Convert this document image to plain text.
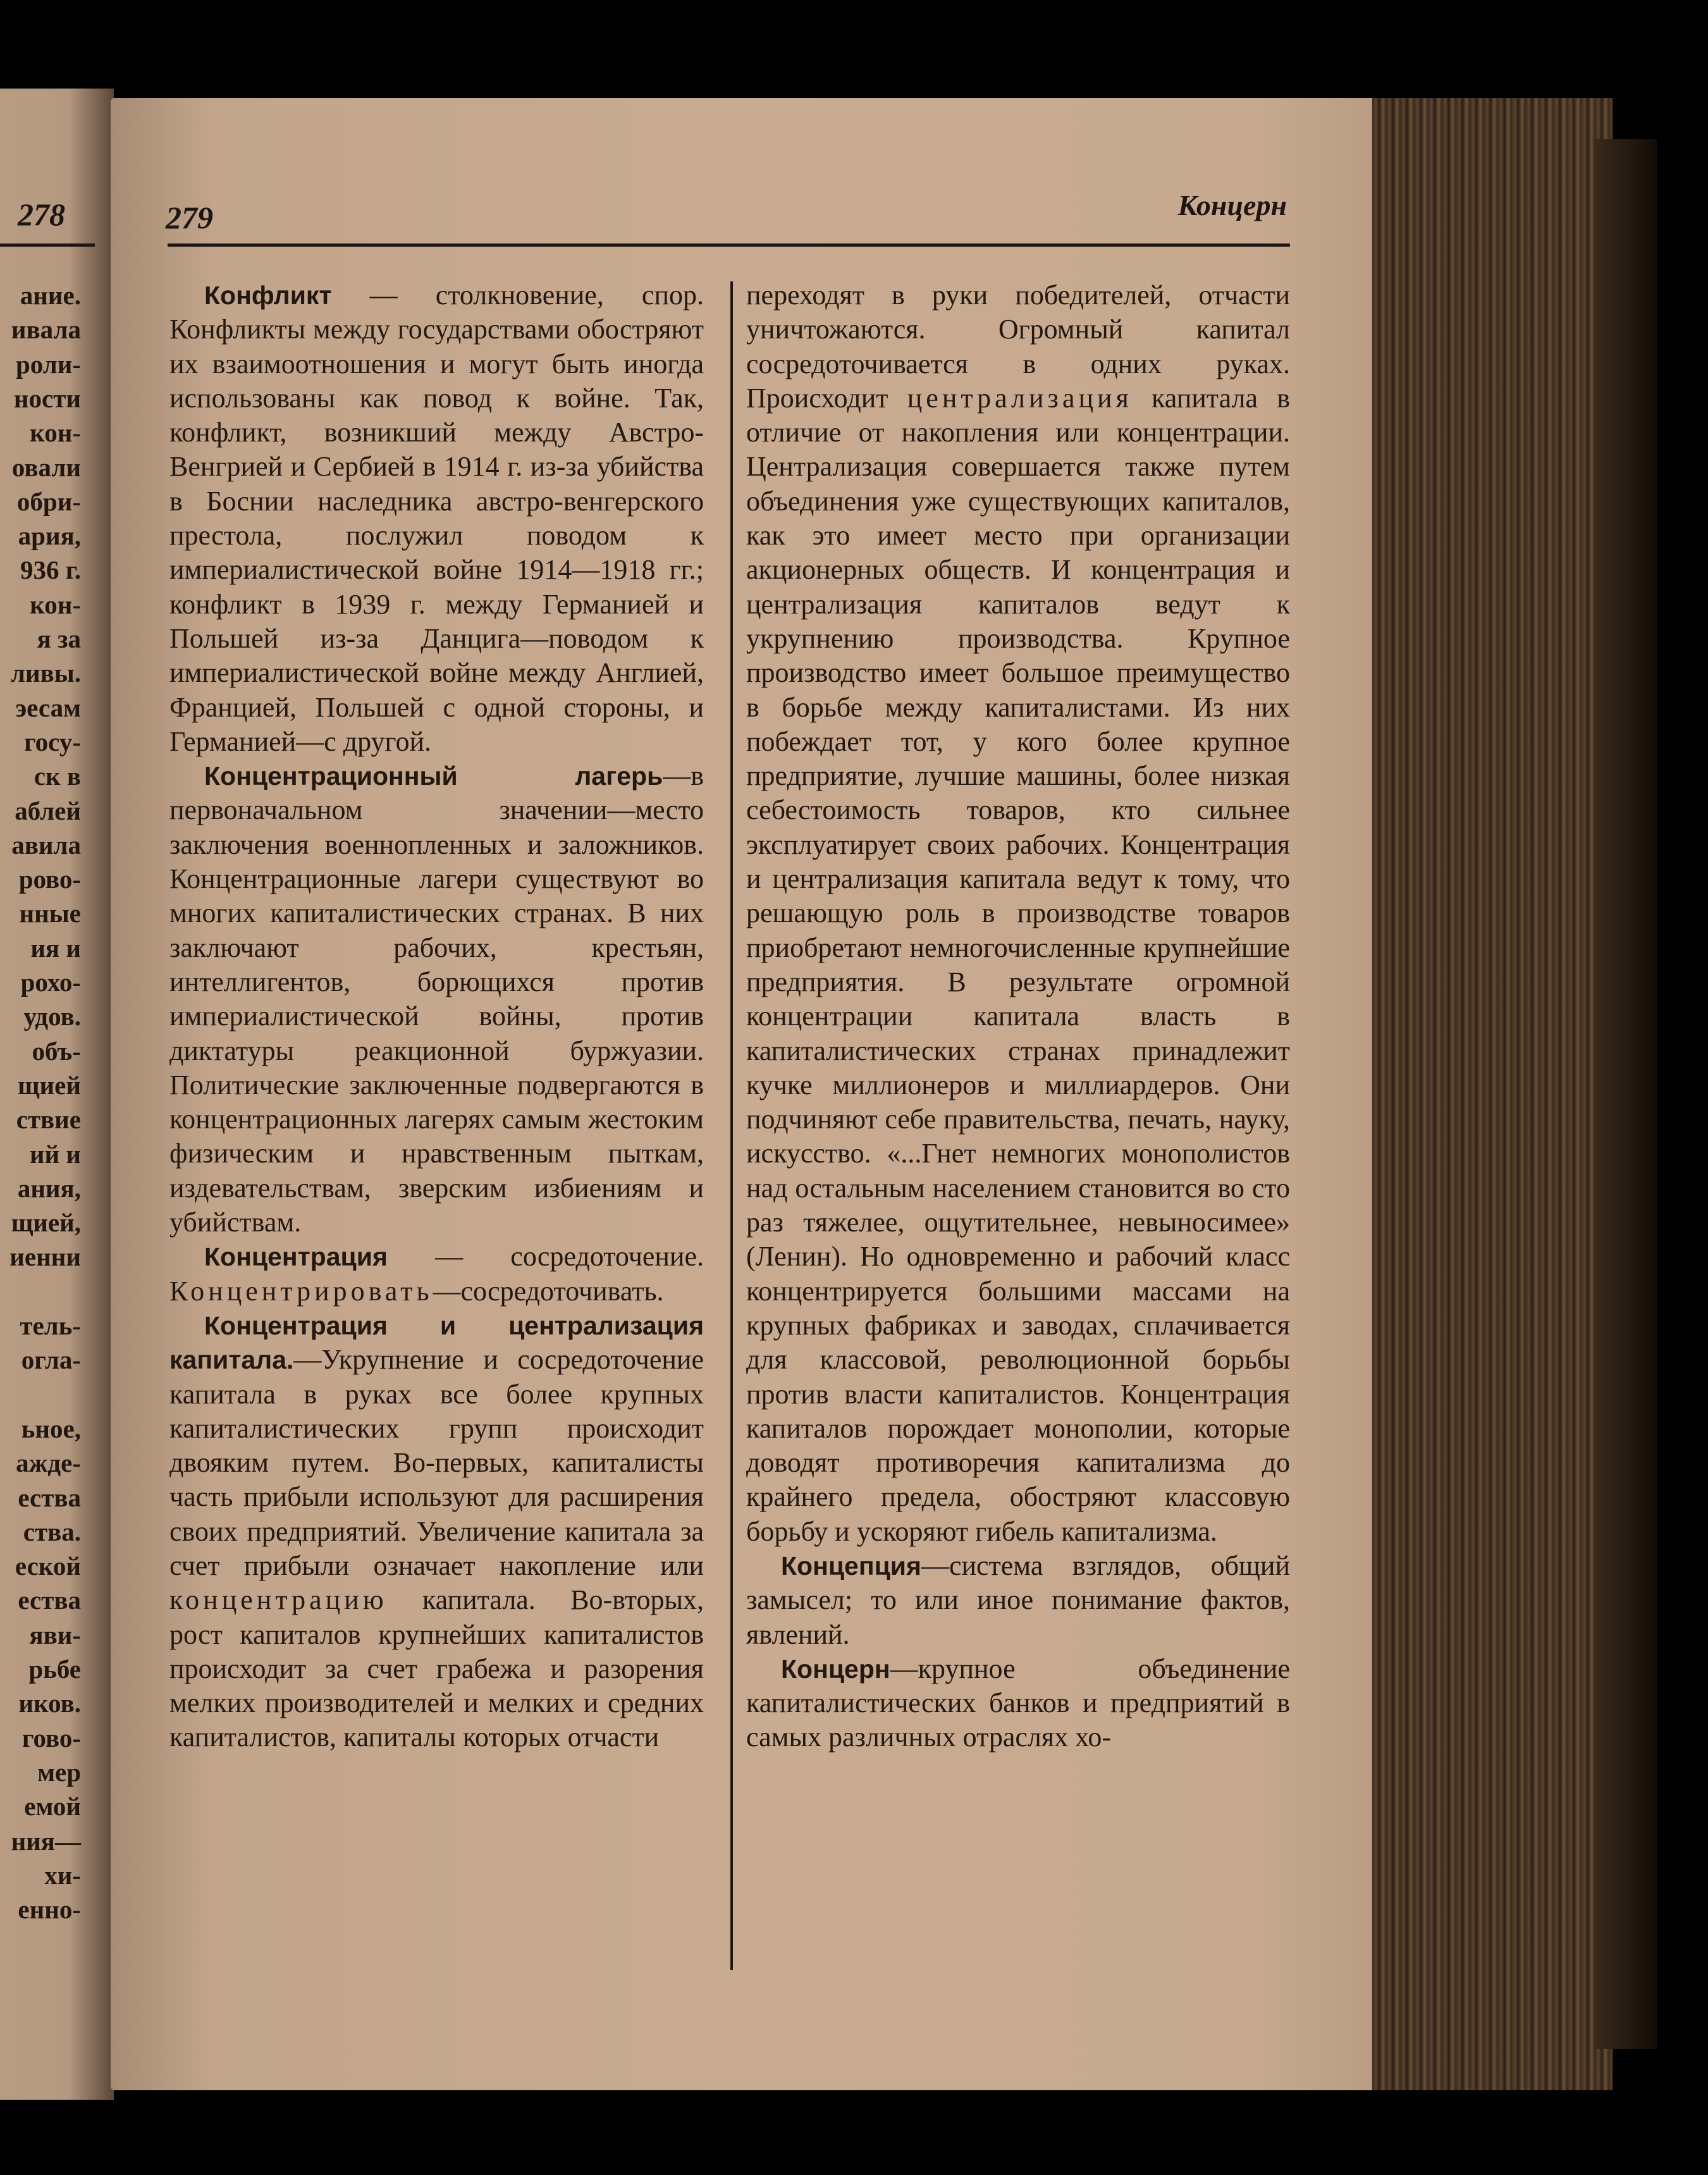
278
ание.
ивала
роли-
ности
кон-
овали
обри-
ария,
936 г.
кон-
я за
ливы.
эесам
госу-
ск в
аблей
авила
рово-
нные
ия и
рохо-
удов.
объ-
щией
ствие
ий и
ания,
щией,
иенни
тель-
огла-
ьное,
ажде-
ества
ства.
еской
ества
яви-
рьбе
иков.
гово-
мер
емой
ния—
хи-
енно-
279	Концерн

Конфликт — столкновение, спор. Конфликты между государствами обостряют их взаимоотношения и могут быть иногда использованы как повод к войне. Так, конфликт, возникший между Австро-Венгрией и Сербией в 1914 г. из-за убийства в Боснии наследника австро-венгерского престола, послужил поводом к империалистической войне 1914—1918 гг.; конфликт в 1939 г. между Германией и Польшей из-за Данцига—поводом к империалистической войне между Англией, Францией, Польшей с одной стороны, и Германией—с другой.

Концентрационный лагерь—в первоначальном значении—место заключения военнопленных и заложников. Концентрационные лагери существуют во многих капиталистических странах. В них заключают рабочих, крестьян, интеллигентов, борющихся против империалистической войны, против диктатуры реакционной буржуазии. Политические заключенные подвергаются в концентрационных лагерях самым жестоким физическим и нравственным пыткам, издевательствам, зверским избиениям и убийствам.

Концентрация — сосредоточение. Концентрировать—сосредоточивать.

Концентрация и централизация капитала.—Укрупнение и сосредоточение капитала в руках все более крупных капиталистических групп происходит двояким путем. Во-первых, капиталисты часть прибыли используют для расширения своих предприятий. Увеличение капитала за счет прибыли означает накопление или концентрацию капитала. Во-вторых, рост капиталов крупнейших капиталистов происходит за счет грабежа и разорения мелких производителей и мелких и средних капиталистов, капиталы которых отчасти

переходят в руки победителей, отчасти уничтожаются. Огромный капитал сосредоточивается в одних руках. Происходит централизация капитала в отличие от накопления или концентрации. Централизация совершается также путем объединения уже существующих капиталов, как это имеет место при организации акционерных обществ. И концентрация и централизация капиталов ведут к укрупнению производства. Крупное производство имеет большое преимущество в борьбе между капиталистами. Из них побеждает тот, у кого более крупное предприятие, лучшие машины, более низкая себестоимость товаров, кто сильнее эксплуатирует своих рабочих. Концентрация и централизация капитала ведут к тому, что решающую роль в производстве товаров приобретают немногочисленные крупнейшие предприятия. В результате огромной концентрации капитала власть в капиталистических странах принадлежит кучке миллионеров и миллиардеров. Они подчиняют себе правительства, печать, науку, искусство. «...Гнет немногих монополистов над остальным населением становится во сто раз тяжелее, ощутительнее, невыносимее» (Ленин). Но одновременно и рабочий класс концентрируется большими массами на крупных фабриках и заводах, сплачивается для классовой, революционной борьбы против власти капиталистов. Концентрация капиталов порождает монополии, которые доводят противоречия капитализма до крайнего предела, обостряют классовую борьбу и ускоряют гибель капитализма.

Концепция—система взглядов, общий замысел; то или иное понимание фактов, явлений.

Концерн—крупное объединение капиталистических банков и предприятий в самых различных отраслях хо-
